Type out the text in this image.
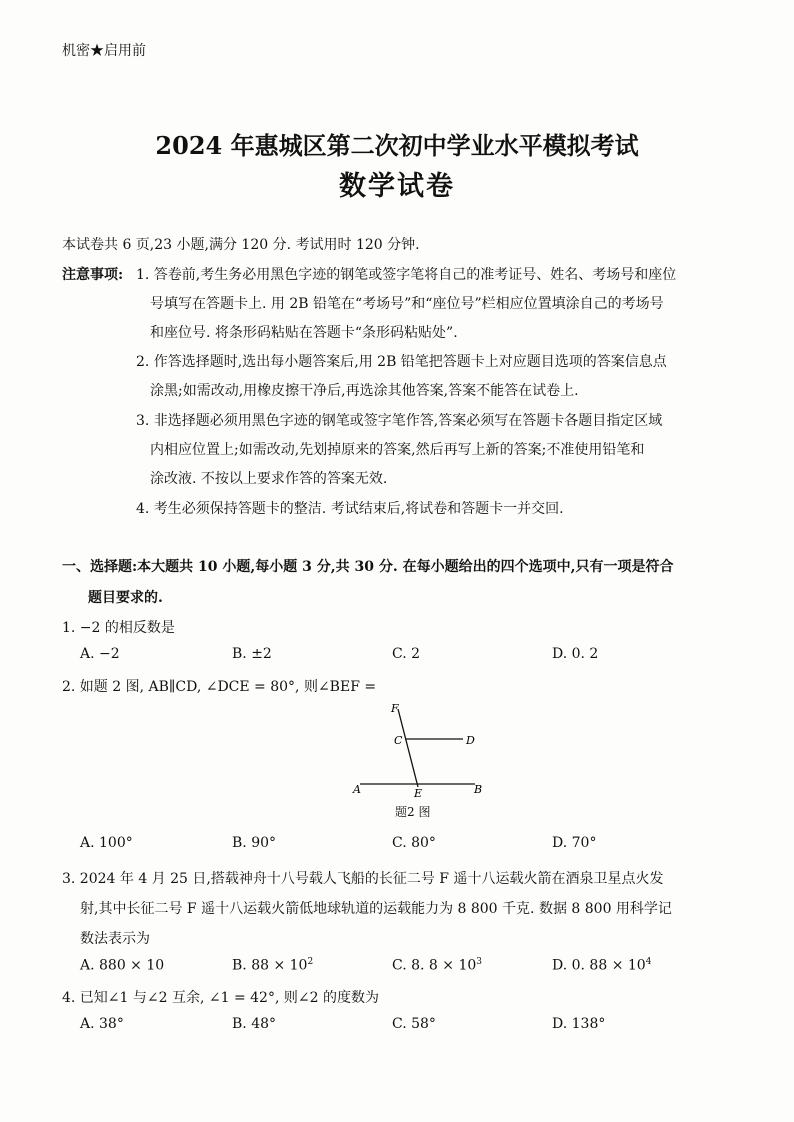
机密★启用前
2024 年惠城区第二次初中学业水平模拟考试
数学试卷
本试卷共 6 页,23 小题,满分 120 分. 考试用时 120 分钟.
注意事项: 1. 答卷前,考生务必用黑色字迹的钢笔或签字笔将自己的准考证号、姓名、考场号和座位
号填写在答题卡上. 用 2B 铅笔在“考场号”和“座位号”栏相应位置填涂自己的考场号
和座位号. 将条形码粘贴在答题卡“条形码粘贴处”.
2. 作答选择题时,选出每小题答案后,用 2B 铅笔把答题卡上对应题目选项的答案信息点
涂黑;如需改动,用橡皮擦干净后,再选涂其他答案,答案不能答在试卷上.
3. 非选择题必须用黑色字迹的钢笔或签字笔作答,答案必须写在答题卡各题目指定区域
内相应位置上;如需改动,先划掉原来的答案,然后再写上新的答案;不准使用铅笔和
涂改液. 不按以上要求作答的答案无效.
4. 考生必须保持答题卡的整洁. 考试结束后,将试卷和答题卡一并交回.
一、选择题:本大题共 10 小题,每小题 3 分,共 30 分. 在每小题给出的四个选项中,只有一项是符合
题目要求的.
1. −2 的相反数是
A. −2	B. ±2	C. 2	D. 0. 2
2. 如题 2 图, AB∥CD, ∠DCE = 80°, 则∠BEF =
F
C	D
A	E	B
题2 图
A. 100°	B. 90°	C. 80°	D. 70°
3. 2024 年 4 月 25 日,搭载神舟十八号载人飞船的长征二号 F 遥十八运载火箭在酒泉卫星点火发
射,其中长征二号 F 遥十八运载火箭低地球轨道的运载能力为 8 800 千克. 数据 8 800 用科学记
数法表示为
A. 880 × 10	B. $88 \times 10^2$	C. 8. $8 \times 10^3$	D. 0. $88 \times 10^4$
4. 已知∠1 与∠2 互余, ∠1 = 42°, 则∠2 的度数为
A. 38°	B. 48°	C. 58°	D. 138°
